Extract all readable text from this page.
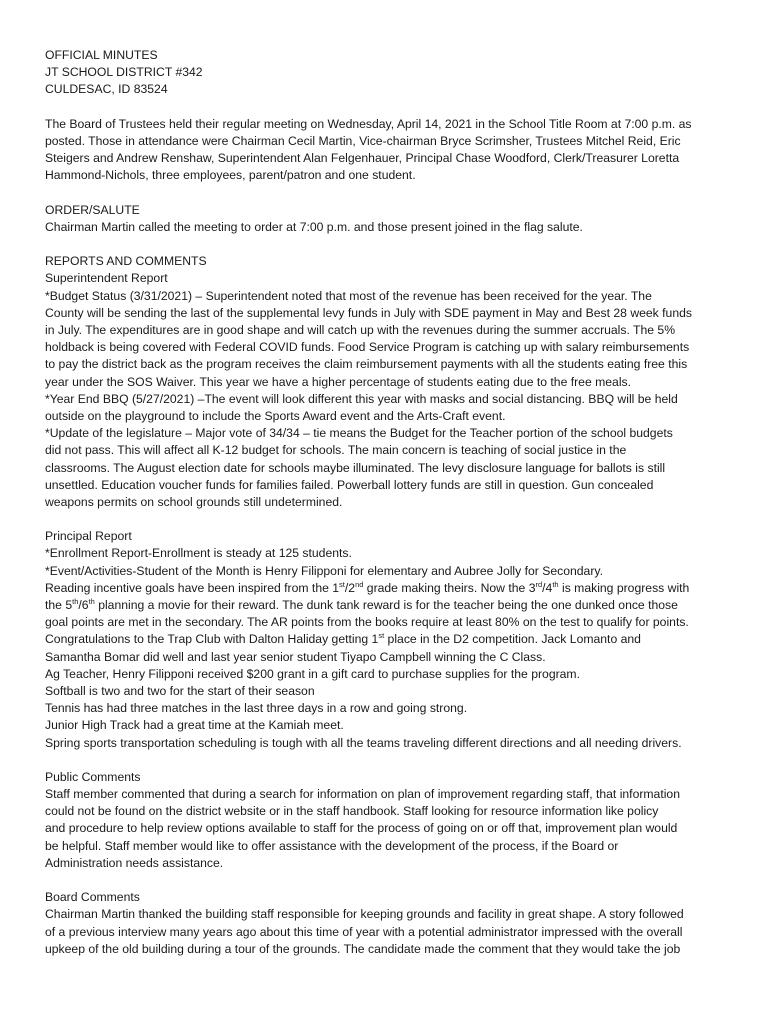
OFFICIAL MINUTES
JT SCHOOL DISTRICT #342
CULDESAC, ID 83524
The Board of Trustees held their regular meeting on Wednesday, April 14, 2021 in the School Title Room at 7:00 p.m. as
posted. Those in attendance were Chairman Cecil Martin, Vice-chairman Bryce Scrimsher, Trustees Mitchel Reid, Eric
Steigers and Andrew Renshaw, Superintendent Alan Felgenhauer, Principal Chase Woodford, Clerk/Treasurer Loretta
Hammond-Nichols, three employees, parent/patron and one student.
ORDER/SALUTE
Chairman Martin called the meeting to order at 7:00 p.m. and those present joined in the flag salute.
REPORTS AND COMMENTS
Superintendent Report
*Budget Status (3/31/2021) – Superintendent noted that most of the revenue has been received for the year. The
County will be sending the last of the supplemental levy funds in July with SDE payment in May and Best 28 week funds
in July. The expenditures are in good shape and will catch up with the revenues during the summer accruals. The 5%
holdback is being covered with Federal COVID funds. Food Service Program is catching up with salary reimbursements
to pay the district back as the program receives the claim reimbursement payments with all the students eating free this
year under the SOS Waiver. This year we have a higher percentage of students eating due to the free meals.
*Year End BBQ (5/27/2021) –The event will look different this year with masks and social distancing. BBQ will be held
outside on the playground to include the Sports Award event and the Arts-Craft event.
*Update of the legislature – Major vote of 34/34 – tie means the Budget for the Teacher portion of the school budgets
did not pass. This will affect all K-12 budget for schools. The main concern is teaching of social justice in the
classrooms. The August election date for schools maybe illuminated. The levy disclosure language for ballots is still
unsettled. Education voucher funds for families failed. Powerball lottery funds are still in question. Gun concealed
weapons permits on school grounds still undetermined.
Principal Report
*Enrollment Report-Enrollment is steady at 125 students.
*Event/Activities-Student of the Month is Henry Filipponi for elementary and Aubree Jolly for Secondary.
Reading incentive goals have been inspired from the 1st/2nd grade making theirs. Now the 3rd/4th is making progress with
the 5th/6th planning a movie for their reward. The dunk tank reward is for the teacher being the one dunked once those
goal points are met in the secondary. The AR points from the books require at least 80% on the test to qualify for points.
Congratulations to the Trap Club with Dalton Haliday getting 1st place in the D2 competition. Jack Lomanto and
Samantha Bomar did well and last year senior student Tiyapo Campbell winning the C Class.
Ag Teacher, Henry Filipponi received $200 grant in a gift card to purchase supplies for the program.
Softball is two and two for the start of their season
Tennis has had three matches in the last three days in a row and going strong.
Junior High Track had a great time at the Kamiah meet.
Spring sports transportation scheduling is tough with all the teams traveling different directions and all needing drivers.
Public Comments
Staff member commented that during a search for information on plan of improvement regarding staff, that information
could not be found on the district website or in the staff handbook. Staff looking for resource information like policy
and procedure to help review options available to staff for the process of going on or off that, improvement plan would
be helpful. Staff member would like to offer assistance with the development of the process, if the Board or
Administration needs assistance.
Board Comments
Chairman Martin thanked the building staff responsible for keeping grounds and facility in great shape. A story followed
of a previous interview many years ago about this time of year with a potential administrator impressed with the overall
upkeep of the old building during a tour of the grounds. The candidate made the comment that they would take the job
